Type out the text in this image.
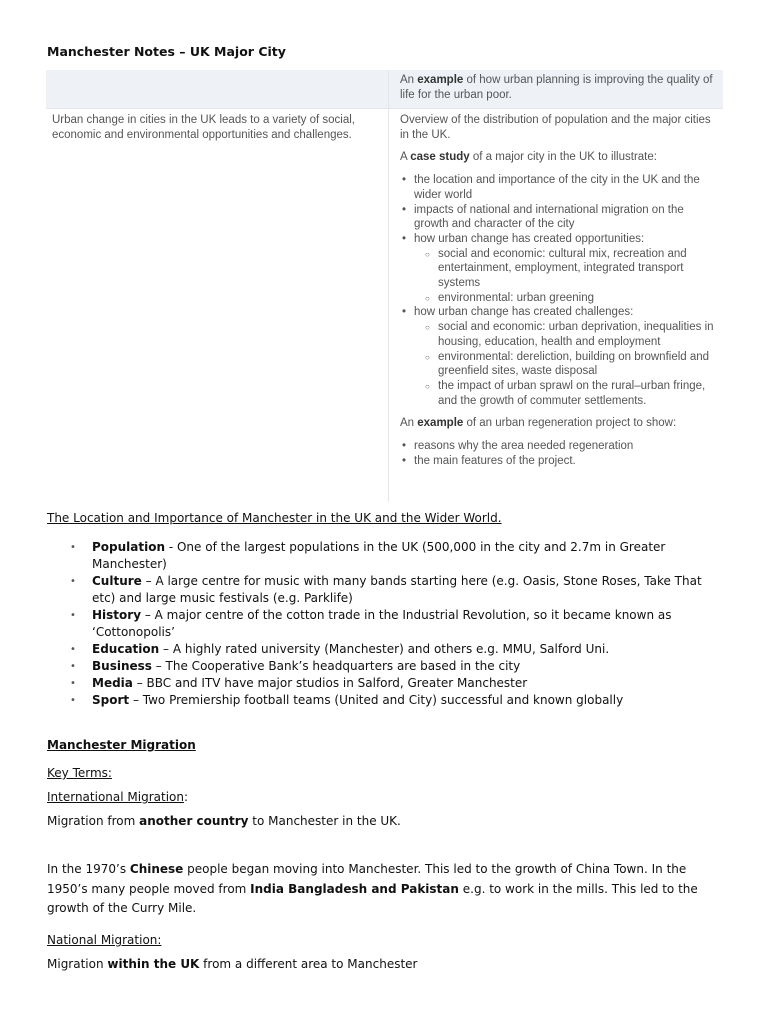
Manchester Notes – UK Major City
An example of how urban planning is improving the quality of life for the urban poor.
Urban change in cities in the UK leads to a variety of social, economic and environmental opportunities and challenges.

Overview of the distribution of population and the major cities in the UK.

A case study of a major city in the UK to illustrate:

• the location and importance of the city in the UK and the wider world
• impacts of national and international migration on the growth and character of the city
• how urban change has created opportunities:
○ social and economic: cultural mix, recreation and entertainment, employment, integrated transport systems
○ environmental: urban greening
• how urban change has created challenges:
○ social and economic: urban deprivation, inequalities in housing, education, health and employment
○ environmental: dereliction, building on brownfield and greenfield sites, waste disposal
○ the impact of urban sprawl on the rural–urban fringe, and the growth of commuter settlements.

An example of an urban regeneration project to show:

• reasons why the area needed regeneration
• the main features of the project.
The Location and Importance of Manchester in the UK and the Wider World.
• Population - One of the largest populations in the UK (500,000 in the city and 2.7m in Greater Manchester)
• Culture – A large centre for music with many bands starting here (e.g. Oasis, Stone Roses, Take That etc) and large music festivals (e.g. Parklife)
• History – A major centre of the cotton trade in the Industrial Revolution, so it became known as ‘Cottonopolis’
• Education – A highly rated university (Manchester) and others e.g. MMU, Salford Uni.
• Business – The Cooperative Bank’s headquarters are based in the city
• Media – BBC and ITV have major studios in Salford, Greater Manchester
• Sport – Two Premiership football teams (United and City) successful and known globally
Manchester Migration
Key Terms:
International Migration:
Migration from another country to Manchester in the UK.
In the 1970’s Chinese people began moving into Manchester. This led to the growth of China Town. In the 1950’s many people moved from India Bangladesh and Pakistan e.g. to work in the mills. This led to the growth of the Curry Mile.
National Migration:
Migration within the UK from a different area to Manchester
